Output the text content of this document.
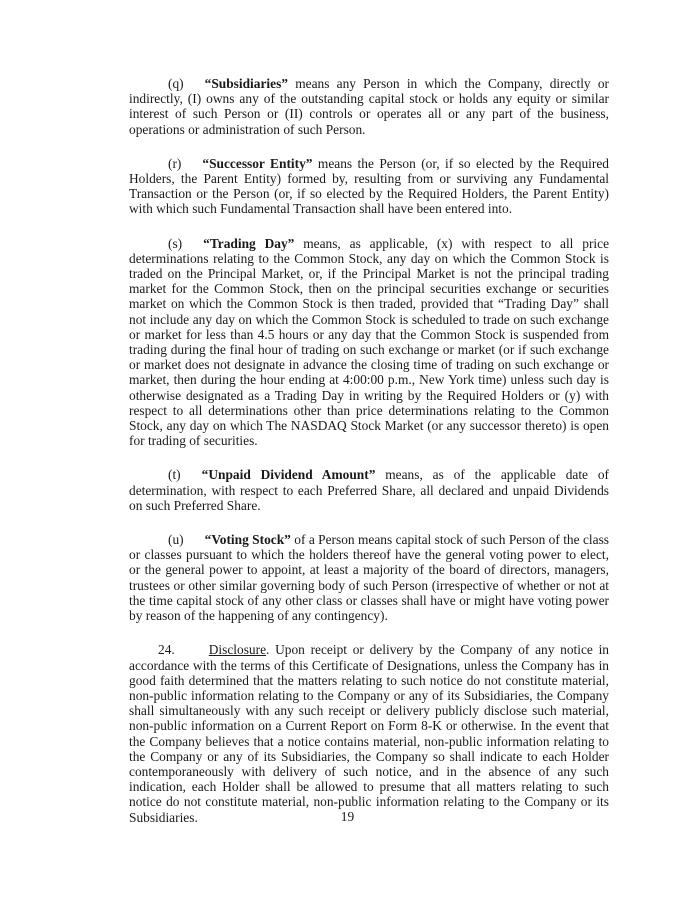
(q) “Subsidiaries” means any Person in which the Company, directly or indirectly, (I) owns any of the outstanding capital stock or holds any equity or similar interest of such Person or (II) controls or operates all or any part of the business, operations or administration of such Person.

(r) “Successor Entity” means the Person (or, if so elected by the Required Holders, the Parent Entity) formed by, resulting from or surviving any Fundamental Transaction or the Person (or, if so elected by the Required Holders, the Parent Entity) with which such Fundamental Transaction shall have been entered into.

(s) “Trading Day” means, as applicable, (x) with respect to all price determinations relating to the Common Stock, any day on which the Common Stock is traded on the Principal Market, or, if the Principal Market is not the principal trading market for the Common Stock, then on the principal securities exchange or securities market on which the Common Stock is then traded, provided that “Trading Day” shall not include any day on which the Common Stock is scheduled to trade on such exchange or market for less than 4.5 hours or any day that the Common Stock is suspended from trading during the final hour of trading on such exchange or market (or if such exchange or market does not designate in advance the closing time of trading on such exchange or market, then during the hour ending at 4:00:00 p.m., New York time) unless such day is otherwise designated as a Trading Day in writing by the Required Holders or (y) with respect to all determinations other than price determinations relating to the Common Stock, any day on which The NASDAQ Stock Market (or any successor thereto) is open for trading of securities.

(t) “Unpaid Dividend Amount” means, as of the applicable date of determination, with respect to each Preferred Share, all declared and unpaid Dividends on such Preferred Share.

(u) “Voting Stock” of a Person means capital stock of such Person of the class or classes pursuant to which the holders thereof have the general voting power to elect, or the general power to appoint, at least a majority of the board of directors, managers, trustees or other similar governing body of such Person (irrespective of whether or not at the time capital stock of any other class or classes shall have or might have voting power by reason of the happening of any contingency).

24.	Disclosure. Upon receipt or delivery by the Company of any notice in accordance with the terms of this Certificate of Designations, unless the Company has in good faith determined that the matters relating to such notice do not constitute material, non-public information relating to the Company or any of its Subsidiaries, the Company shall simultaneously with any such receipt or delivery publicly disclose such material, non-public information on a Current Report on Form 8-K or otherwise. In the event that the Company believes that a notice contains material, non-public information relating to the Company or any of its Subsidiaries, the Company so shall indicate to each Holder contemporaneously with delivery of such notice, and in the absence of any such indication, each Holder shall be allowed to presume that all matters relating to such notice do not constitute material, non-public information relating to the Company or its Subsidiaries.	19
